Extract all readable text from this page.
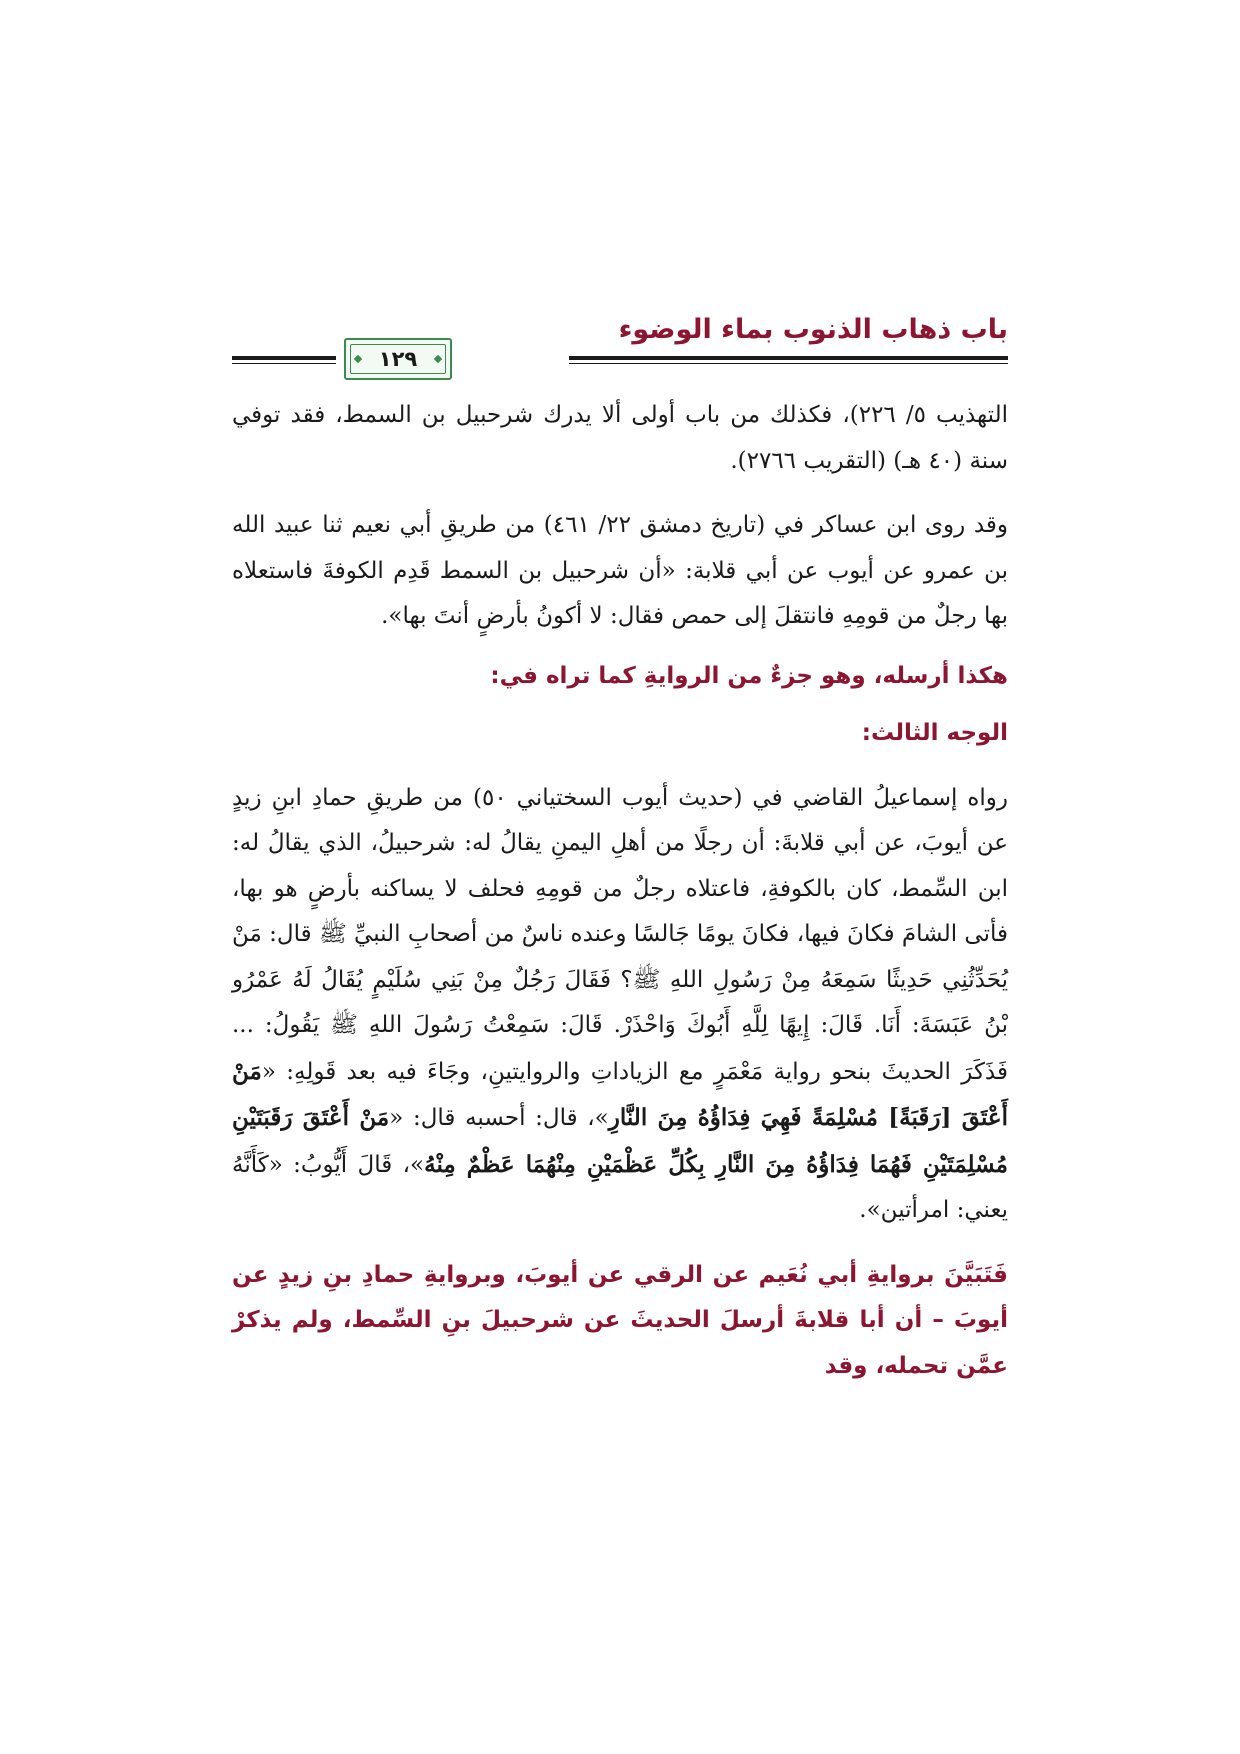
باب ذهاب الذنوب بماء الوضوء
١٢٩

التهذيب ٥/ ٢٢٦)، فكذلك من باب أولى ألا يدرك شرحبيل بن السمط، فقد توفي سنة (٤٠ هـ) (التقريب ٢٧٦٦).

وقد روى ابن عساكر في (تاريخ دمشق ٢٢/ ٤٦١) من طريقِ أبي نعيم ثنا عبيد الله بن عمرو عن أيوب عن أبي قلابة: «أن شرحبيل بن السمط قَدِم الكوفةَ فاستعلاه بها رجلٌ من قومِهِ فانتقلَ إلى حمص فقال: لا أكونُ بأرضٍ أنتَ بها».

هكذا أرسله، وهو جزءٌ من الروايةِ كما تراه في:

الوجه الثالث:

رواه إسماعيلُ القاضي في (حديث أيوب السختياني ٥٠) من طريقِ حمادِ ابنِ زيدٍ عن أيوبَ، عن أبي قلابةَ: أن رجلًا من أهلِ اليمنِ يقالُ له: شرحبيلُ، الذي يقالُ له: ابن السِّمط، كان بالكوفةِ، فاعتلاه رجلٌ من قومِهِ فحلف لا يساكنه بأرضٍ هو بها، فأتى الشامَ فكانَ فيها، فكانَ يومًا جَالسًا وعنده ناسٌ من أصحابِ النبيِّ ﷺ قال: مَنْ يُحَدِّثُنِي حَدِيثًا سَمِعَهُ مِنْ رَسُولِ اللهِ ﷺ؟ فَقَالَ رَجُلٌ مِنْ بَنِي سُلَيْمٍ يُقَالُ لَهُ عَمْرُو بْنُ عَبَسَةَ: أَنَا. قَالَ: إِيهًا لِلَّهِ أَبُوكَ وَاحْذَرْ. قَالَ: سَمِعْتُ رَسُولَ اللهِ ﷺ يَقُولُ: ... فَذَكَرَ الحديثَ بنحو رواية مَعْمَرٍ مع الزياداتِ والروايتينِ، وجَاءَ فيه بعد قَولِهِ: «مَنْ أَعْتَقَ [رَقَبَةً] مُسْلِمَةً فَهِيَ فِدَاؤُهُ مِنَ النَّارِ»، قال: أحسبه قال: «مَنْ أَعْتَقَ رَقَبَتَيْنِ مُسْلِمَتَيْنِ فَهُمَا فِدَاؤُهُ مِنَ النَّارِ بِكُلِّ عَظْمَيْنِ مِنْهُمَا عَظْمٌ مِنْهُ»، قَالَ أَيُّوبُ: «كَأَنَّهُ يعني: امرأتين».

فَتَبَيَّنَ بروايةِ أبي نُعَيم عن الرقي عن أيوبَ، وبروايةِ حمادِ بنِ زيدٍ عن أيوبَ – أن أبا قلابةَ أرسلَ الحديثَ عن شرحبيلَ بنِ السِّمط، ولم يذكرْ عمَّن تحمله، وقد
